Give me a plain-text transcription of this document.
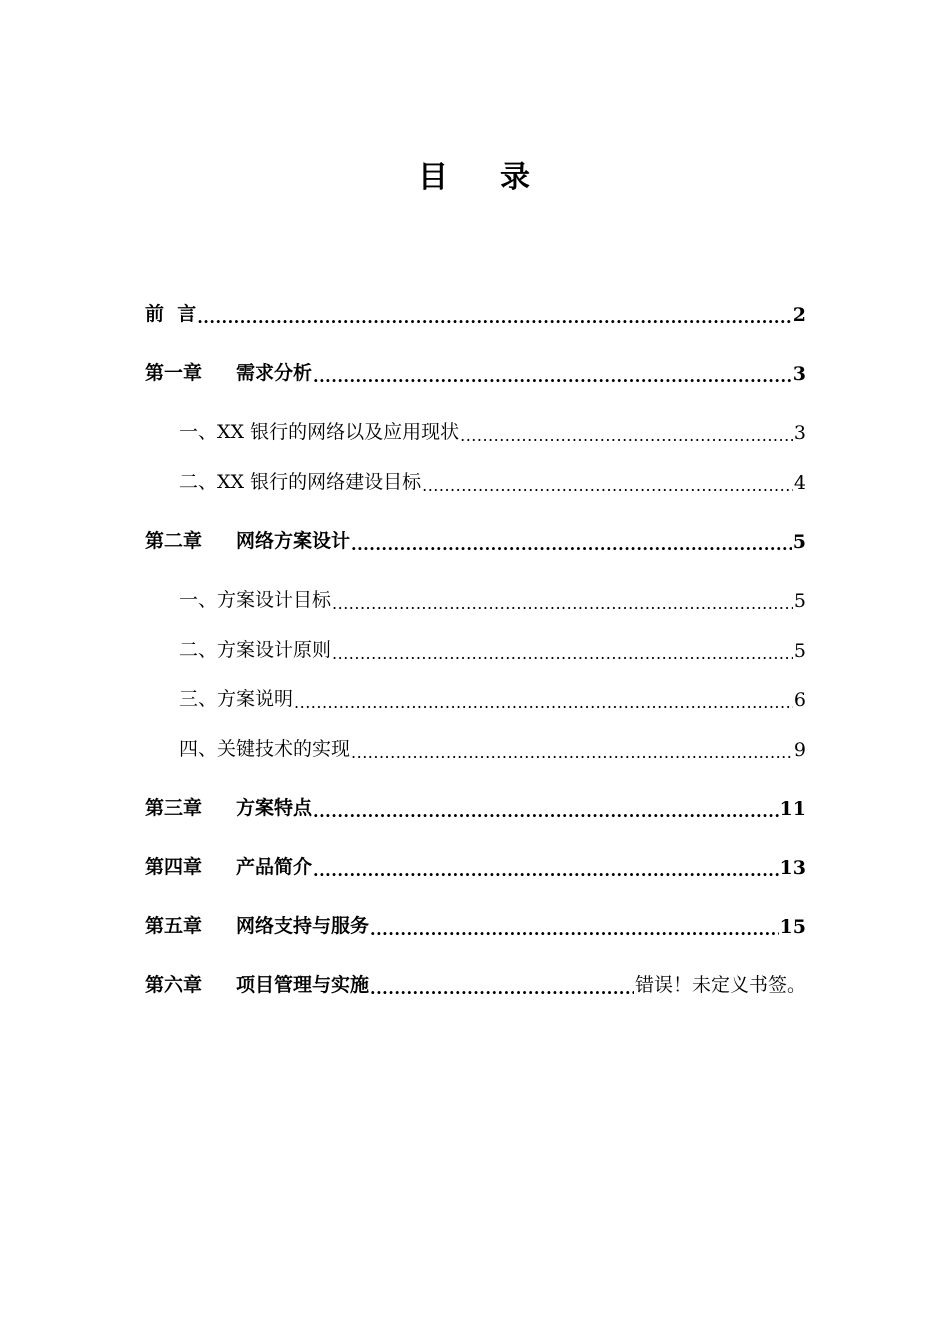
目 录
前  言 .....	2
第一章 需求分析 .....	3
一、 XX 银行的网络以及应用现状 .....	3
二、 XX 银行的网络建设目标 .....	4
第二章 网络方案设计 .....	5
一、 方案设计目标 .....	5
二、 方案设计原则 .....	5
三、 方案说明 .....	6
四、 关键技术的实现 .....	9
第三章 方案特点 .....	11
第四章 产品简介 .....	13
第五章 网络支持与服务 .....	15
第六章 项目管理与实施 .....	错误！未定义书签。
